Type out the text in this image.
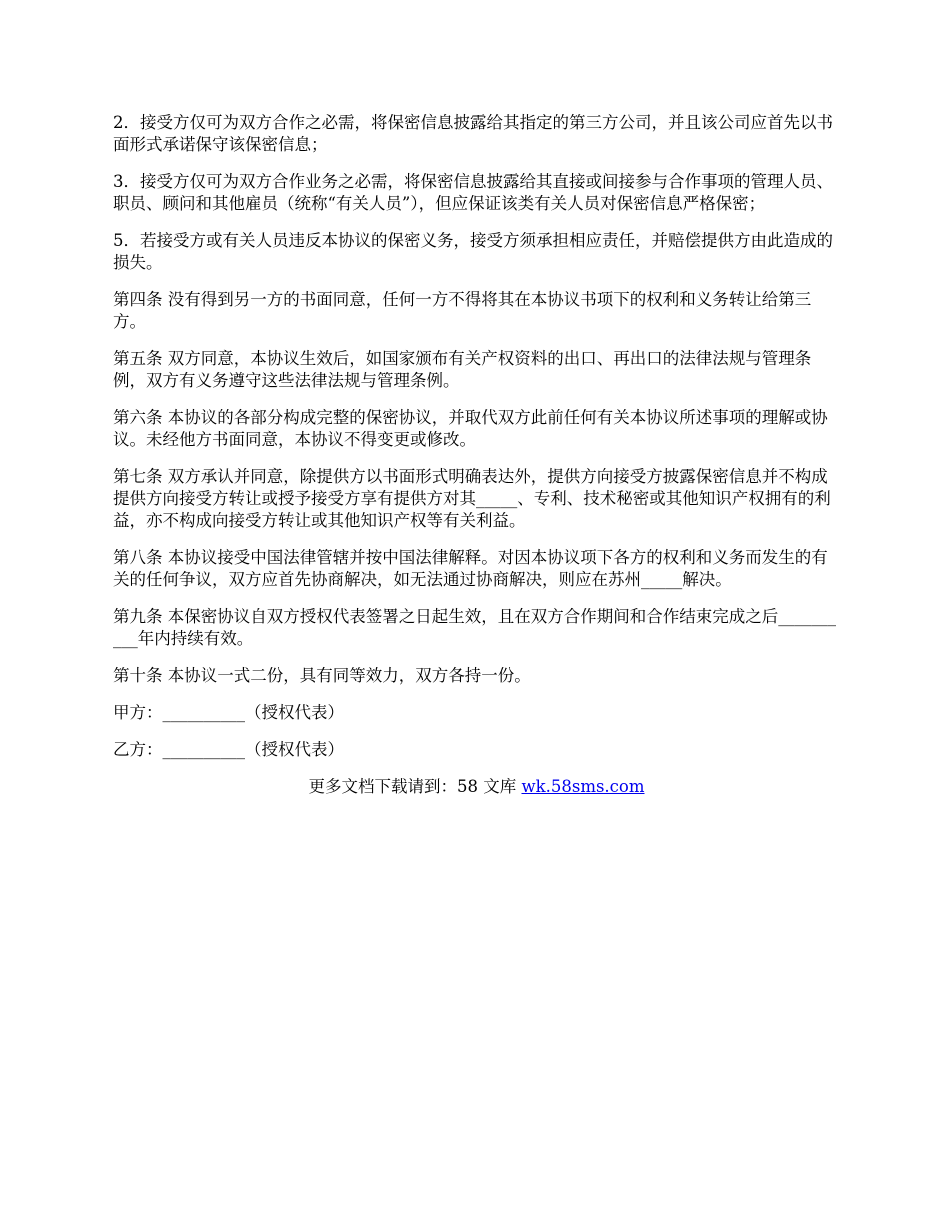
2．接受方仅可为双方合作之必需，将保密信息披露给其指定的第三方公司，并且该公司应首先以书面形式承诺保守该保密信息；

3．接受方仅可为双方合作业务之必需，将保密信息披露给其直接或间接参与合作事项的管理人员、职员、顾问和其他雇员（统称“有关人员”），但应保证该类有关人员对保密信息严格保密；

5．若接受方或有关人员违反本协议的保密义务，接受方须承担相应责任，并赔偿提供方由此造成的损失。

第四条 没有得到另一方的书面同意，任何一方不得将其在本协议书项下的权利和义务转让给第三方。

第五条 双方同意，本协议生效后，如国家颁布有关产权资料的出口、再出口的法律法规与管理条例，双方有义务遵守这些法律法规与管理条例。

第六条 本协议的各部分构成完整的保密协议，并取代双方此前任何有关本协议所述事项的理解或协议。未经他方书面同意，本协议不得变更或修改。

第七条 双方承认并同意，除提供方以书面形式明确表达外，提供方向接受方披露保密信息并不构成提供方向接受方转让或授予接受方享有提供方对其_____、专利、技术秘密或其他知识产权拥有的利益，亦不构成向接受方转让或其他知识产权等有关利益。

第八条 本协议接受中国法律管辖并按中国法律解释。对因本协议项下各方的权利和义务而发生的有关的任何争议，双方应首先协商解决，如无法通过协商解决，则应在苏州_____解决。

第九条 本保密协议自双方授权代表签署之日起生效，且在双方合作期间和合作结束完成之后__________年内持续有效。

第十条 本协议一式二份，具有同等效力，双方各持一份。

甲方：__________（授权代表）

乙方：__________（授权代表）

更多文档下载请到：58 文库 wk.58sms.com
